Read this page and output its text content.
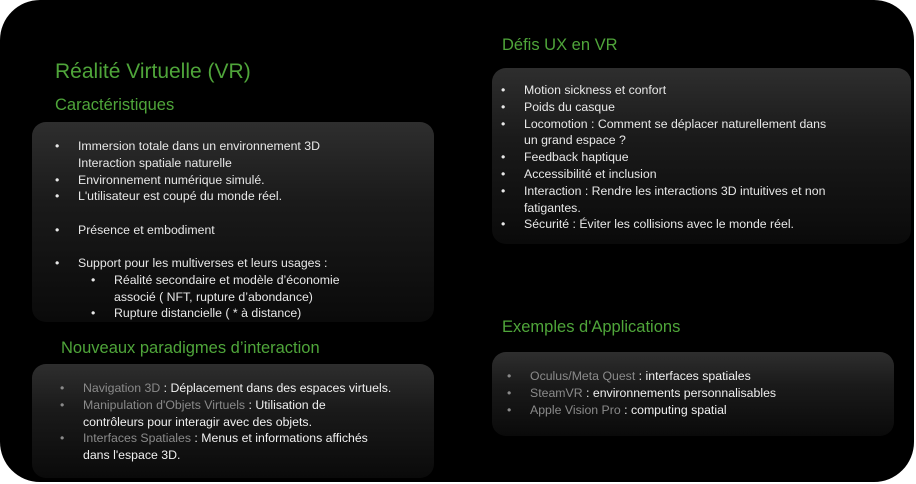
Réalité Virtuelle (VR)
Caractéristiques
• Immersion totale dans un environnement 3D
Interaction spatiale naturelle
• Environnement numérique simulé.
• L'utilisateur est coupé du monde réel.
• Présence et embodiment
• Support pour les multiverses et leurs usages :
• Réalité secondaire et modèle d’économie
associé ( NFT, rupture d’abondance)
• Rupture distancielle ( * à distance)
Nouveaux paradigmes d’interaction
• Navigation 3D : Déplacement dans des espaces virtuels.
• Manipulation d'Objets Virtuels : Utilisation de
contrôleurs pour interagir avec des objets.
• Interfaces Spatiales : Menus et informations affichés
dans l'espace 3D.
Défis UX en VR
• Motion sickness et confort
• Poids du casque
• Locomotion : Comment se déplacer naturellement dans
un grand espace ?
• Feedback haptique
• Accessibilité et inclusion
• Interaction : Rendre les interactions 3D intuitives et non
fatigantes.
• Sécurité : Éviter les collisions avec le monde réel.
Exemples d'Applications
• Oculus/Meta Quest : interfaces spatiales
• SteamVR : environnements personnalisables
• Apple Vision Pro : computing spatial
